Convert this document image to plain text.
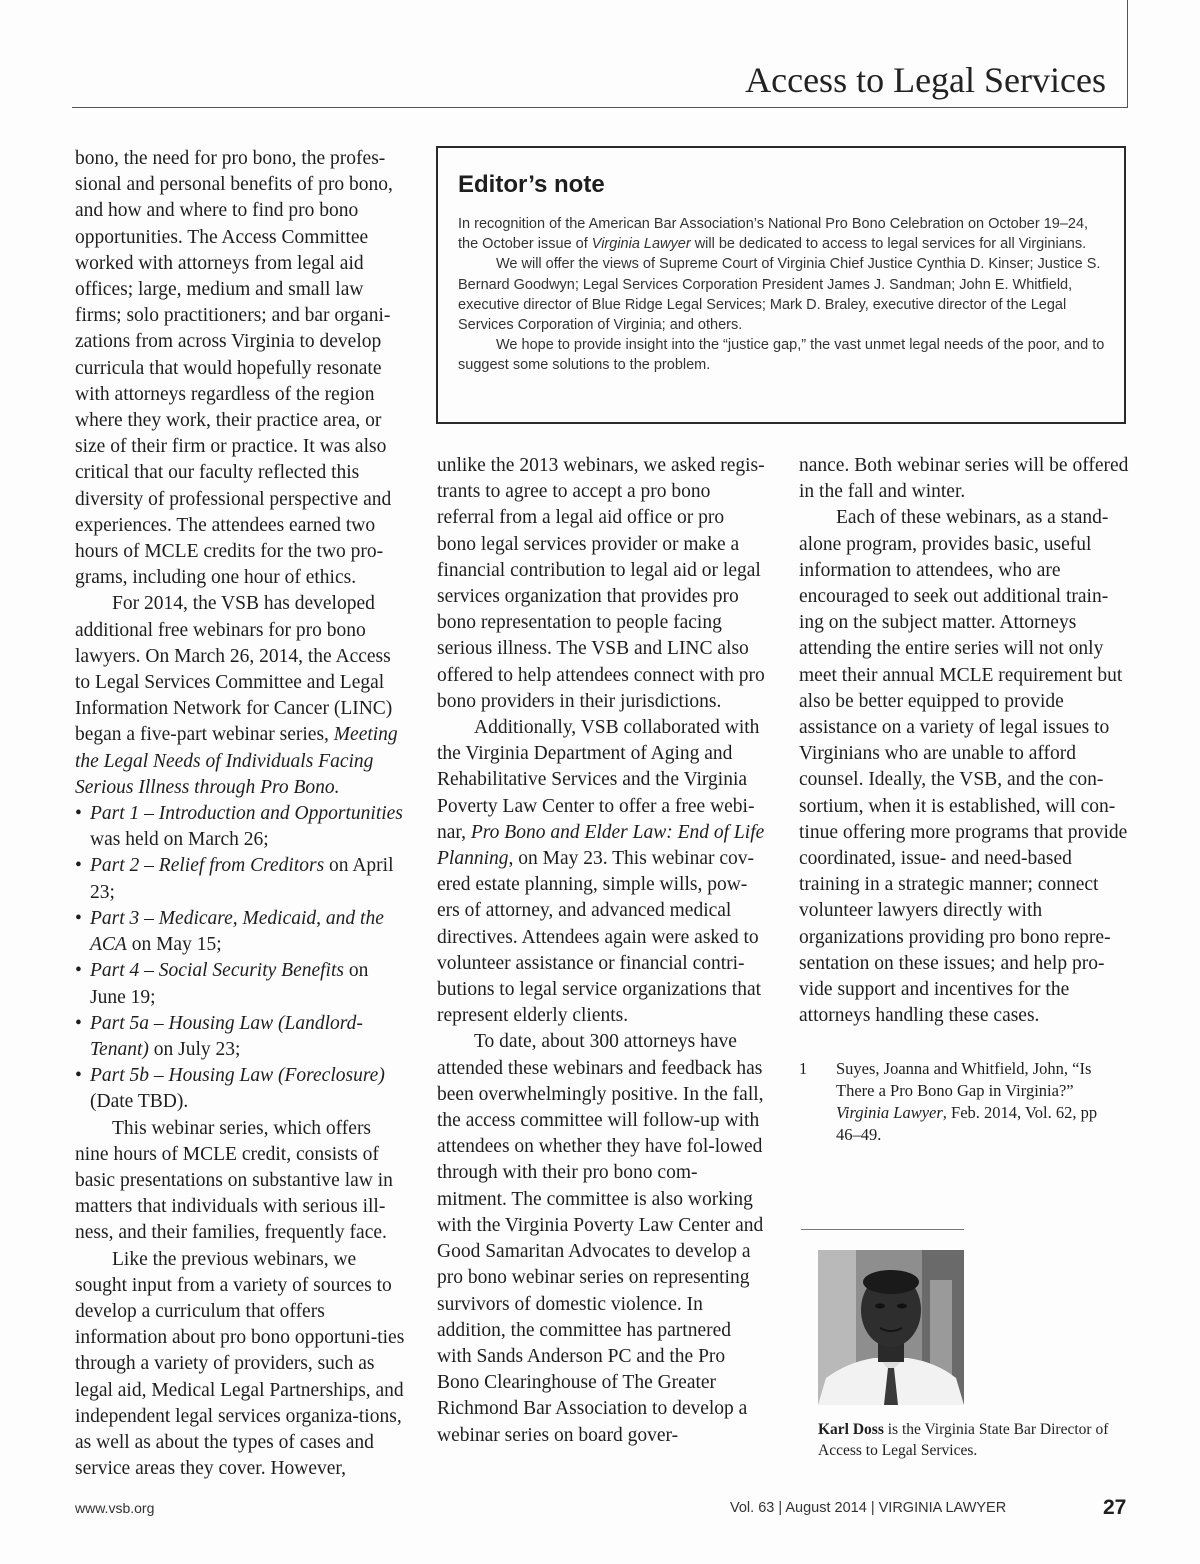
Access to Legal Services

bono, the need for pro bono, the profes-sional and personal benefits of pro bono, and how and where to find pro bono opportunities. The Access Committee worked with attorneys from legal aid offices; large, medium and small law firms; solo practitioners; and bar organi-zations from across Virginia to develop curricula that would hopefully resonate with attorneys regardless of the region where they work, their practice area, or size of their firm or practice. It was also critical that our faculty reflected this diversity of professional perspective and experiences. The attendees earned two hours of MCLE credits for the two pro-grams, including one hour of ethics.

For 2014, the VSB has developed additional free webinars for pro bono lawyers. On March 26, 2014, the Access to Legal Services Committee and Legal Information Network for Cancer (LINC) began a five-part webinar series, Meeting the Legal Needs of Individuals Facing Serious Illness through Pro Bono.

• Part 1 – Introduction and Opportunities was held on March 26;

• Part 2 – Relief from Creditors on April 23;

• Part 3 – Medicare, Medicaid, and the ACA on May 15;

• Part 4 – Social Security Benefits on June 19;

• Part 5a – Housing Law (Landlord-Tenant) on July 23;

• Part 5b – Housing Law (Foreclosure) (Date TBD).

This webinar series, which offers nine hours of MCLE credit, consists of basic presentations on substantive law in matters that individuals with serious ill-ness, and their families, frequently face.

Like the previous webinars, we sought input from a variety of sources to develop a curriculum that offers information about pro bono opportuni-ties through a variety of providers, such as legal aid, Medical Legal Partnerships, and independent legal services organiza-tions, as well as about the types of cases and service areas they cover. However,

Editor’s note

In recognition of the American Bar Association’s National Pro Bono Celebration on October 19–24, the October issue of Virginia Lawyer will be dedicated to access to legal services for all Virginians.

We will offer the views of Supreme Court of Virginia Chief Justice Cynthia D. Kinser; Justice S. Bernard Goodwyn; Legal Services Corporation President James J. Sandman; John E. Whitfield, executive director of Blue Ridge Legal Services; Mark D. Braley, executive director of the Legal Services Corporation of Virginia; and others.

We hope to provide insight into the “justice gap,” the vast unmet legal needs of the poor, and to suggest some solutions to the problem.

unlike the 2013 webinars, we asked regis-trants to agree to accept a pro bono referral from a legal aid office or pro bono legal services provider or make a financial contribution to legal aid or legal services organization that provides pro bono representation to people facing serious illness. The VSB and LINC also offered to help attendees connect with pro bono providers in their jurisdictions.

Additionally, VSB collaborated with the Virginia Department of Aging and Rehabilitative Services and the Virginia Poverty Law Center to offer a free webi-nar, Pro Bono and Elder Law: End of Life Planning, on May 23. This webinar cov-ered estate planning, simple wills, pow-ers of attorney, and advanced medical directives. Attendees again were asked to volunteer assistance or financial contri-butions to legal service organizations that represent elderly clients.

To date, about 300 attorneys have attended these webinars and feedback has been overwhelmingly positive. In the fall, the access committee will follow-up with attendees on whether they have fol-lowed through with their pro bono com-mitment. The committee is also working with the Virginia Poverty Law Center and Good Samaritan Advocates to develop a pro bono webinar series on representing survivors of domestic violence. In addition, the committee has partnered with Sands Anderson PC and the Pro Bono Clearinghouse of The Greater Richmond Bar Association to develop a webinar series on board gover-

nance. Both webinar series will be offered in the fall and winter.

Each of these webinars, as a stand-alone program, provides basic, useful information to attendees, who are encouraged to seek out additional train-ing on the subject matter. Attorneys attending the entire series will not only meet their annual MCLE requirement but also be better equipped to provide assistance on a variety of legal issues to Virginians who are unable to afford counsel. Ideally, the VSB, and the con-sortium, when it is established, will con-tinue offering more programs that provide coordinated, issue- and need-based training in a strategic manner; connect volunteer lawyers directly with organizations providing pro bono repre-sentation on these issues; and help pro-vide support and incentives for the attorneys handling these cases.

1 Suyes, Joanna and Whitfield, John, “Is There a Pro Bono Gap in Virginia?” Virginia Lawyer, Feb. 2014, Vol. 62, pp 46–49.
Karl Doss is the Virginia State Bar Director of Access to Legal Services.
www.vsb.org	Vol. 63 | August 2014 | VIRGINIA LAWYER	27
